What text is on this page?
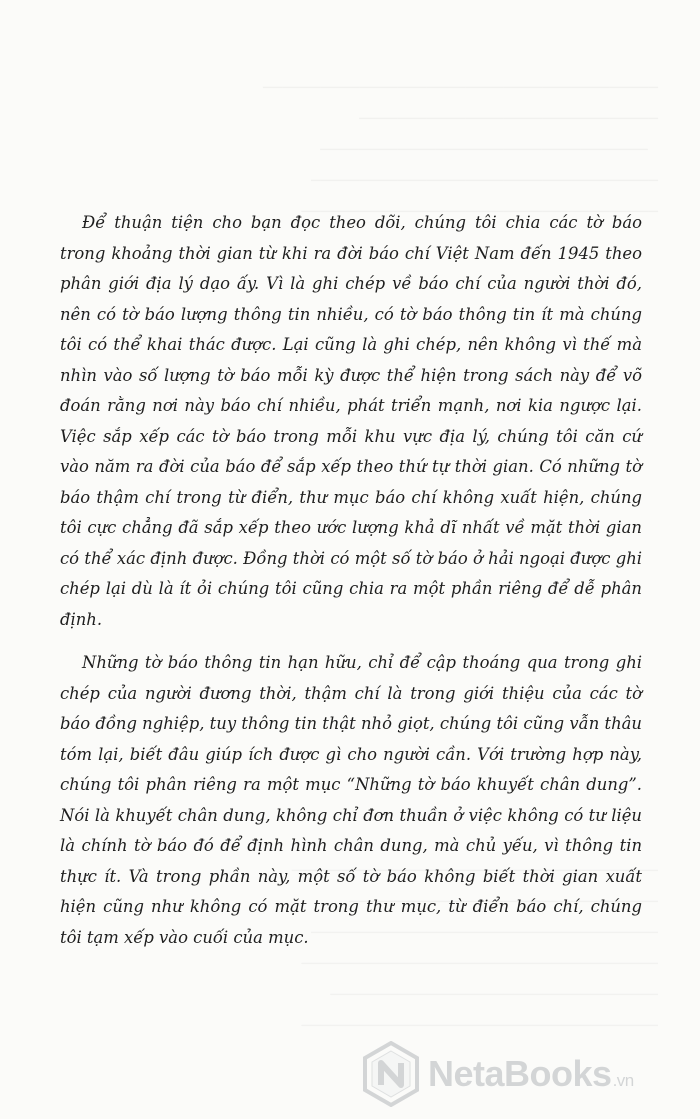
Để thuận tiện cho bạn đọc theo dõi, chúng tôi chia các tờ báo trong khoảng thời gian từ khi ra đời báo chí Việt Nam đến 1945 theo phân giới địa lý dạo ấy. Vì là ghi chép về báo chí của người thời đó, nên có tờ báo lượng thông tin nhiều, có tờ báo thông tin ít mà chúng tôi có thể khai thác được. Lại cũng là ghi chép, nên không vì thế mà nhìn vào số lượng tờ báo mỗi kỳ được thể hiện trong sách này để võ đoán rằng nơi này báo chí nhiều, phát triển mạnh, nơi kia ngược lại. Việc sắp xếp các tờ báo trong mỗi khu vực địa lý, chúng tôi căn cứ vào năm ra đời của báo để sắp xếp theo thứ tự thời gian. Có những tờ báo thậm chí trong từ điển, thư mục báo chí không xuất hiện, chúng tôi cực chẳng đã sắp xếp theo ước lượng khả dĩ nhất về mặt thời gian có thể xác định được. Đồng thời có một số tờ báo ở hải ngoại được ghi chép lại dù là ít ỏi chúng tôi cũng chia ra một phần riêng để dễ phân định.

Những tờ báo thông tin hạn hữu, chỉ để cập thoáng qua trong ghi chép của người đương thời, thậm chí là trong giới thiệu của các tờ báo đồng nghiệp, tuy thông tin thật nhỏ giọt, chúng tôi cũng vẫn thâu tóm lại, biết đâu giúp ích được gì cho người cần. Với trường hợp này, chúng tôi phân riêng ra một mục “Những tờ báo khuyết chân dung”. Nói là khuyết chân dung, không chỉ đơn thuần ở việc không có tư liệu là chính tờ báo đó để định hình chân dung, mà chủ yếu, vì thông tin thực ít. Và trong phần này, một số tờ báo không biết thời gian xuất hiện cũng như không có mặt trong thư mục, từ điển báo chí, chúng tôi tạm xếp vào cuối của mục.

NetaBooks.vn
